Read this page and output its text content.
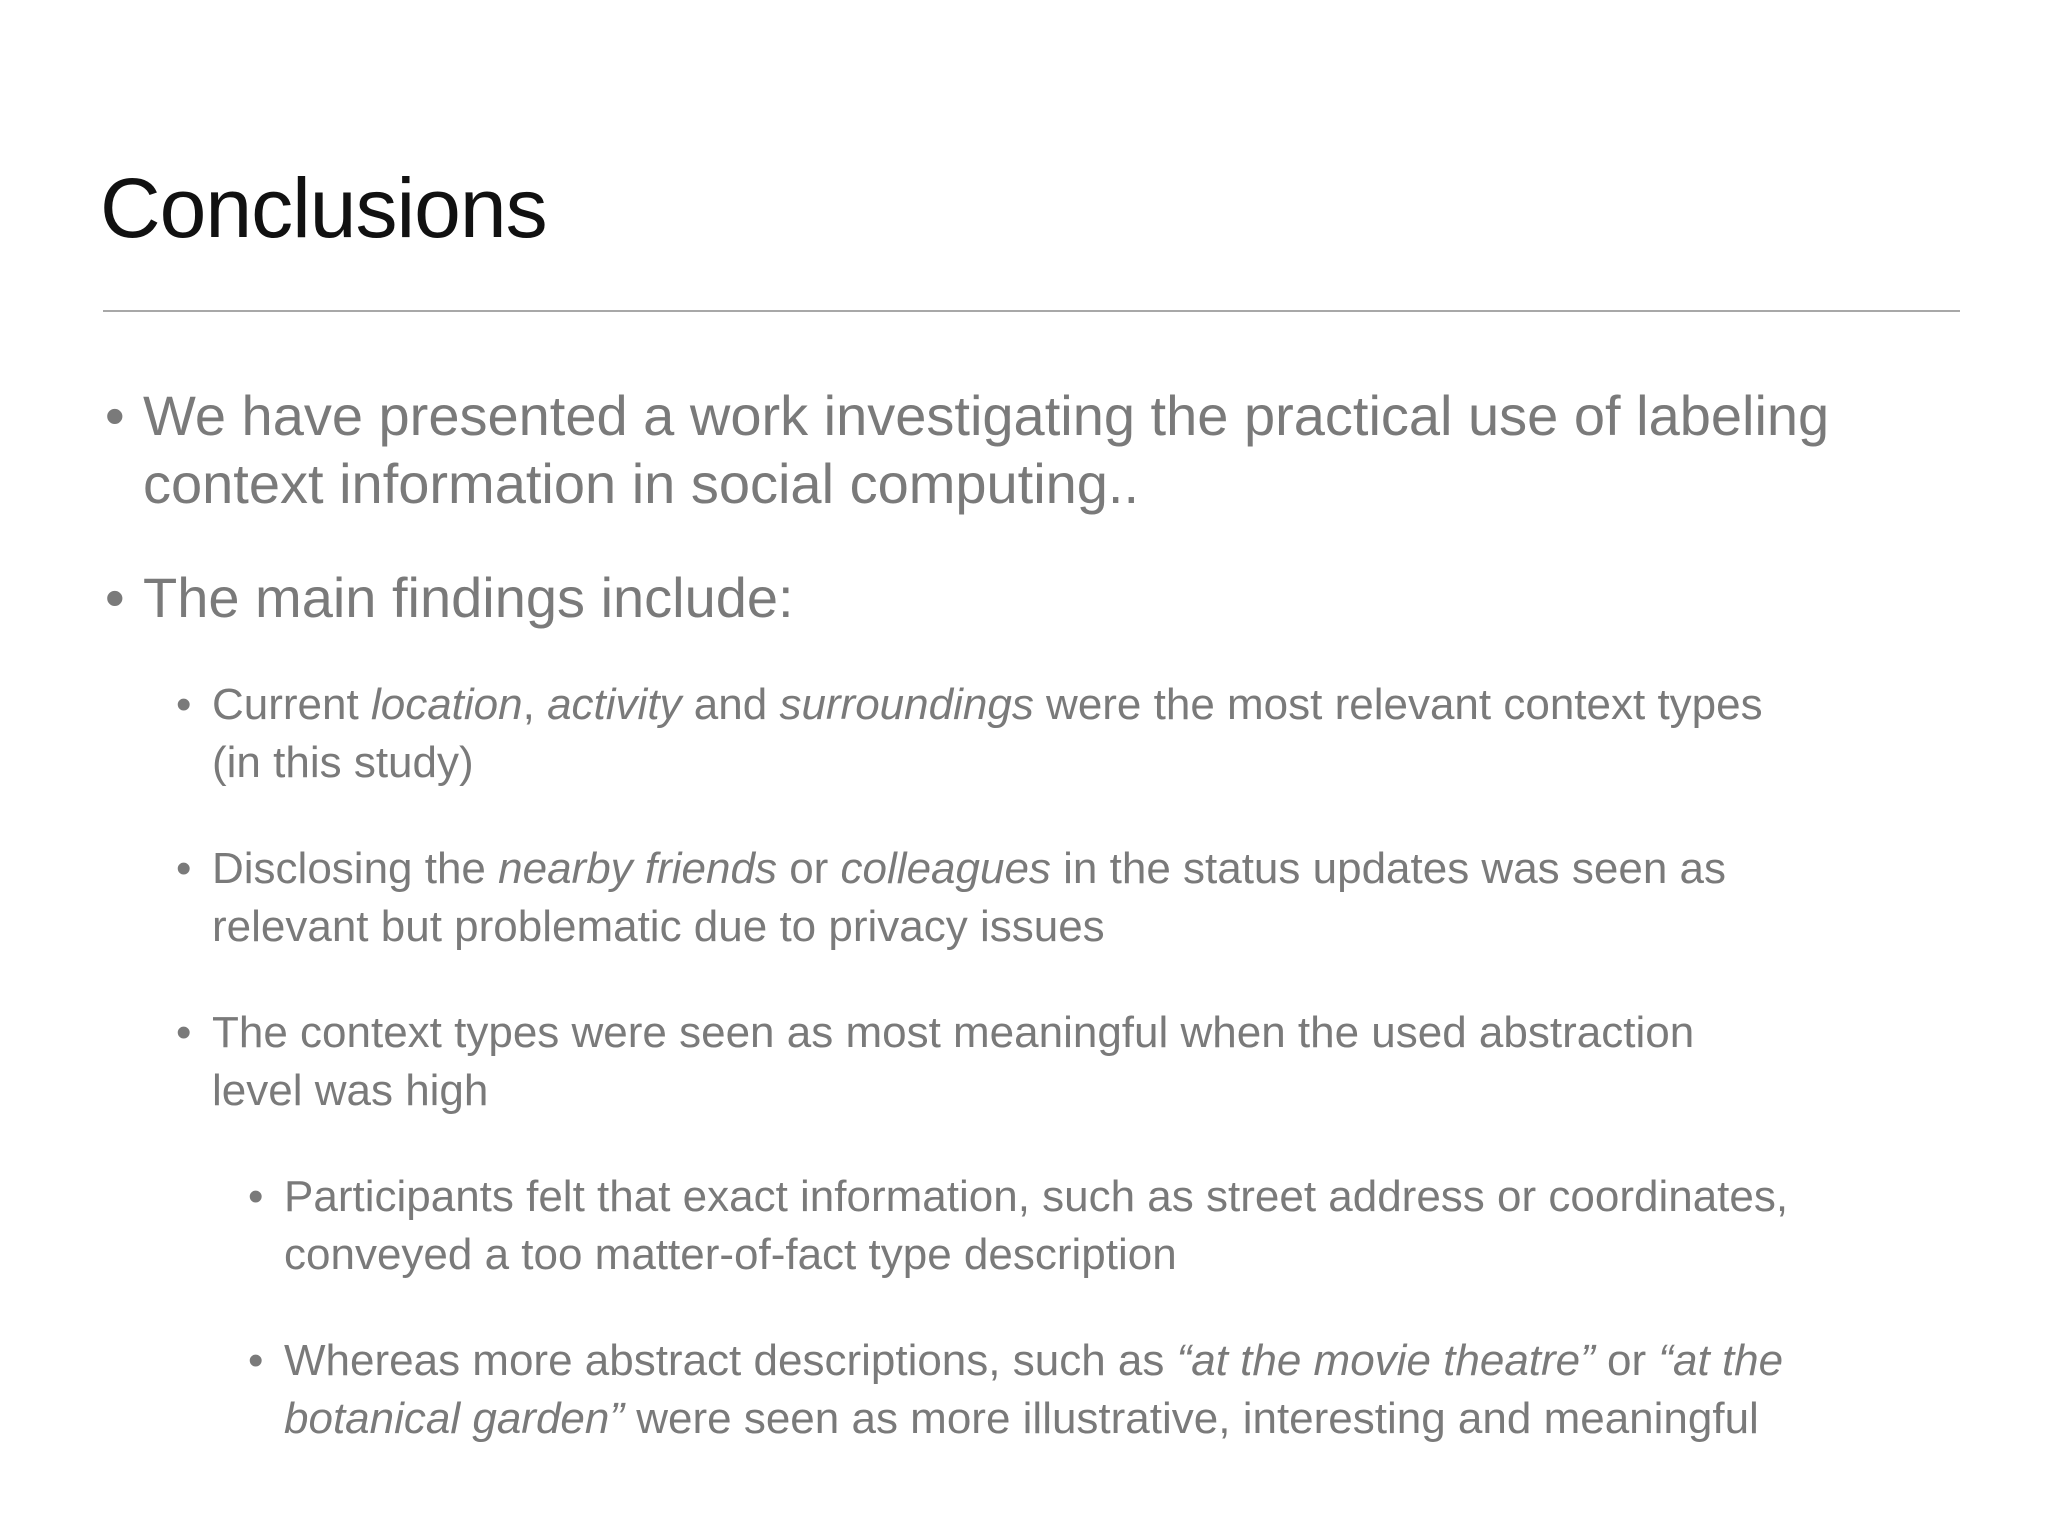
Conclusions
• We have presented a work investigating the practical use of labeling
context information in social computing..
• The main findings include:
• Current location, activity and surroundings were the most relevant context types
(in this study)
• Disclosing the nearby friends or colleagues in the status updates was seen as
relevant but problematic due to privacy issues
• The context types were seen as most meaningful when the used abstraction
level was high
• Participants felt that exact information, such as street address or coordinates,
conveyed a too matter-of-fact type description
• Whereas more abstract descriptions, such as “at the movie theatre” or “at the
botanical garden” were seen as more illustrative, interesting and meaningful
